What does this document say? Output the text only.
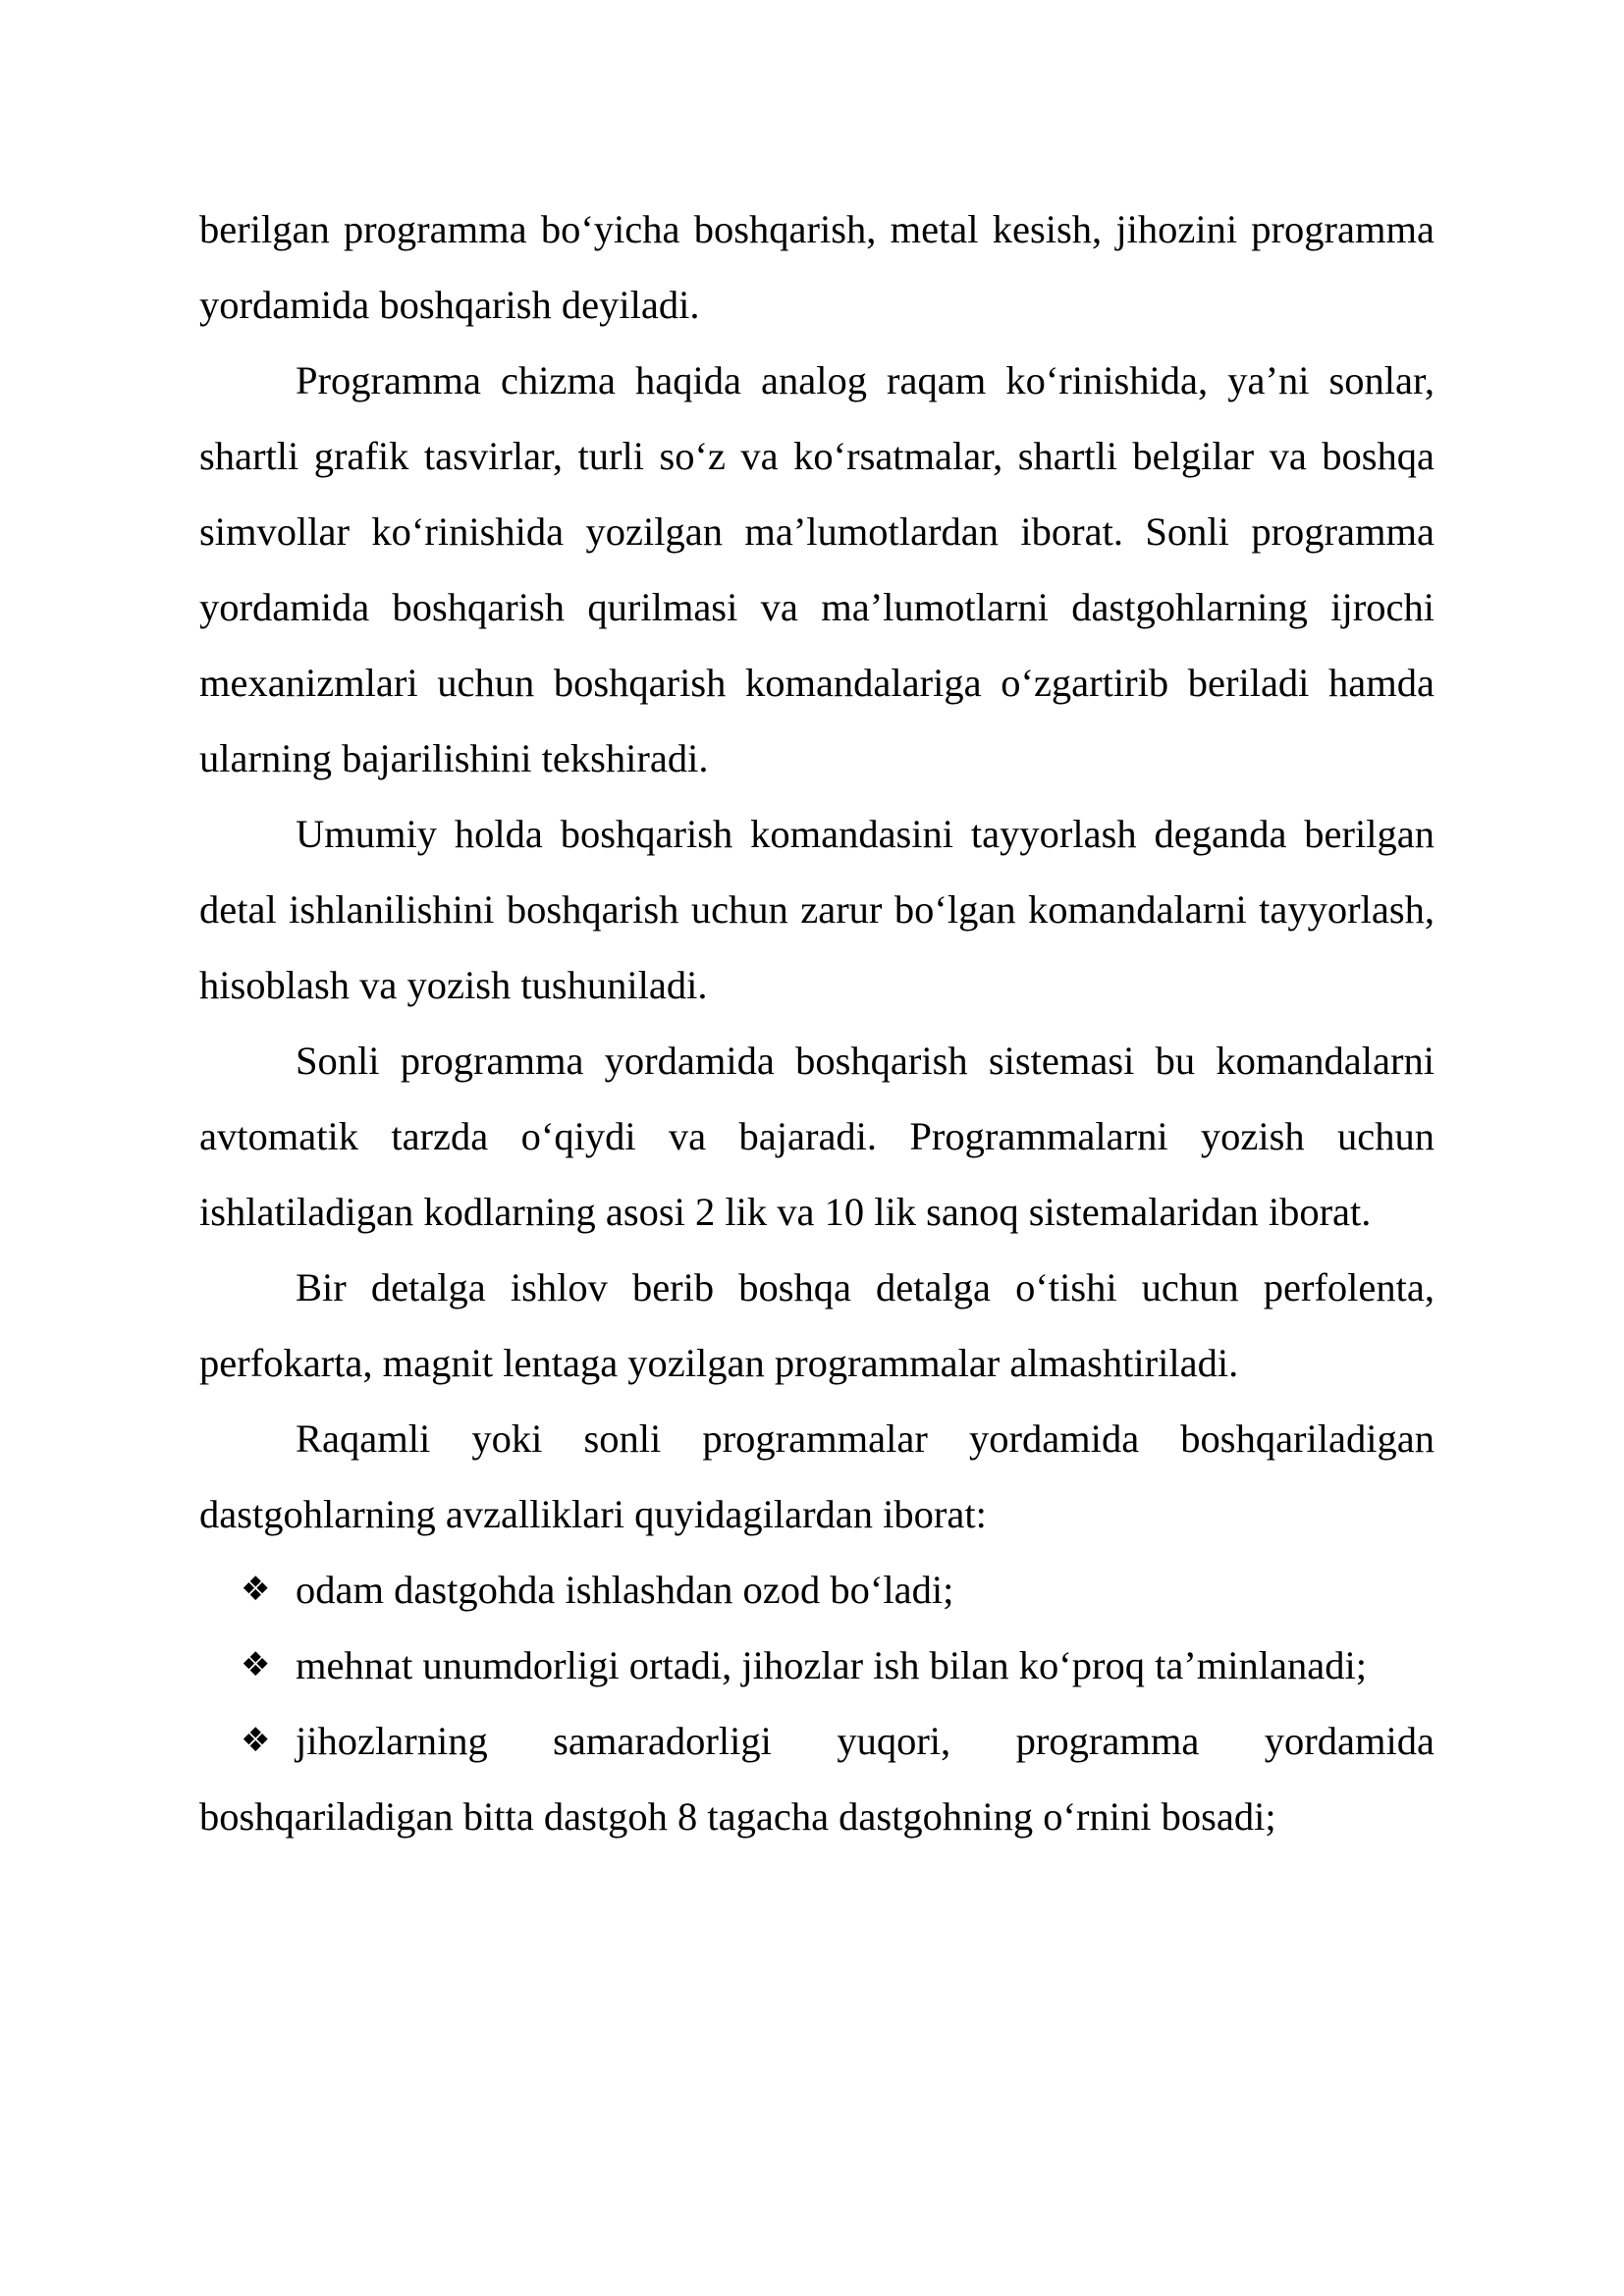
berilgan programma bo‘yicha boshqarish, metal kesish, jihozini programma yordamida boshqarish deyiladi.

Programma chizma haqida analog raqam ko‘rinishida, ya’ni sonlar, shartli grafik tasvirlar, turli so‘z va ko‘rsatmalar, shartli belgilar va boshqa simvollar ko‘rinishida yozilgan ma’lumotlardan iborat. Sonli programma yordamida boshqarish qurilmasi va ma’lumotlarni dastgohlarning ijrochi mexanizmlari uchun boshqarish komandalariga o‘zgartirib beriladi hamda ularning bajarilishini tekshiradi.

Umumiy holda boshqarish komandasini tayyorlash deganda berilgan detal ishlanilishini boshqarish uchun zarur bo‘lgan komandalarni tayyorlash, hisoblash va yozish tushuniladi.

Sonli programma yordamida boshqarish sistemasi bu komandalarni avtomatik tarzda o‘qiydi va bajaradi. Programmalarni yozish uchun ishlatiladigan kodlarning asosi 2 lik va 10 lik sanoq sistemalaridan iborat.

Bir detalga ishlov berib boshqa detalga o‘tishi uchun perfolenta, perfokarta, magnit lentaga yozilgan programmalar almashtiriladi.

Raqamli yoki sonli programmalar yordamida boshqariladigan dastgohlarning avzalliklari quyidagilardan iborat:

❖ odam dastgohda ishlashdan ozod bo‘ladi;

❖ mehnat unumdorligi ortadi, jihozlar ish bilan ko‘proq ta’minlanadi;

❖ jihozlarning samaradorligi yuqori, programma yordamida boshqariladigan bitta dastgoh 8 tagacha dastgohning o‘rnini bosadi;
